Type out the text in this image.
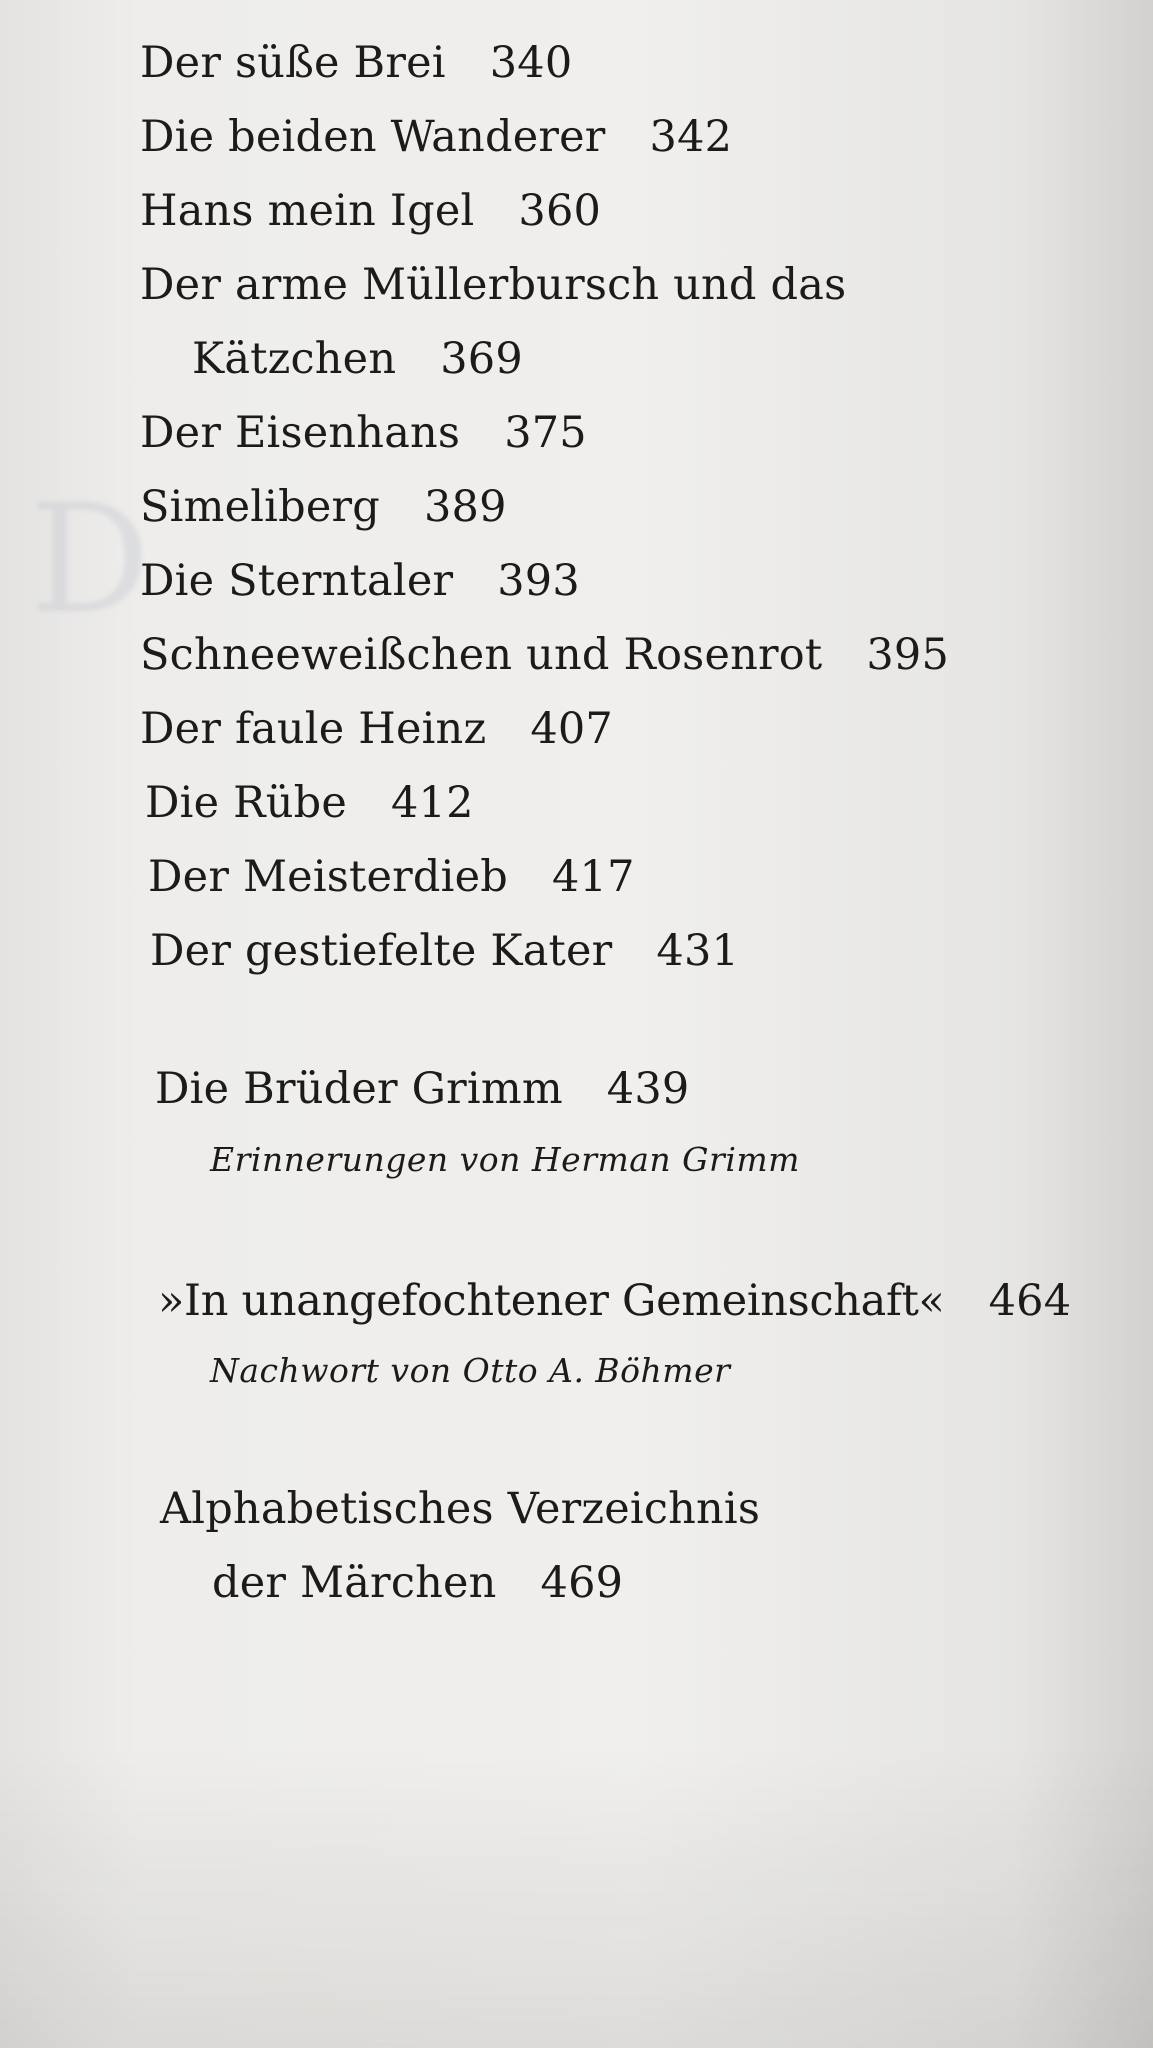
D

Der süße Brei 340
Die beiden Wanderer 342
Hans mein Igel 360
Der arme Müllerbursch und das
Kätzchen 369
Der Eisenhans 375
Simeliberg 389
Die Sterntaler 393
Schneeweißchen und Rosenrot 395
Der faule Heinz 407
Die Rübe 412
Der Meisterdieb 417
Der gestiefelte Kater 431
Die Brüder Grimm 439
Erinnerungen von Herman Grimm
»In unangefochtener Gemeinschaft« 464
Nachwort von Otto A. Böhmer
Alphabetisches Verzeichnis
der Märchen 469
